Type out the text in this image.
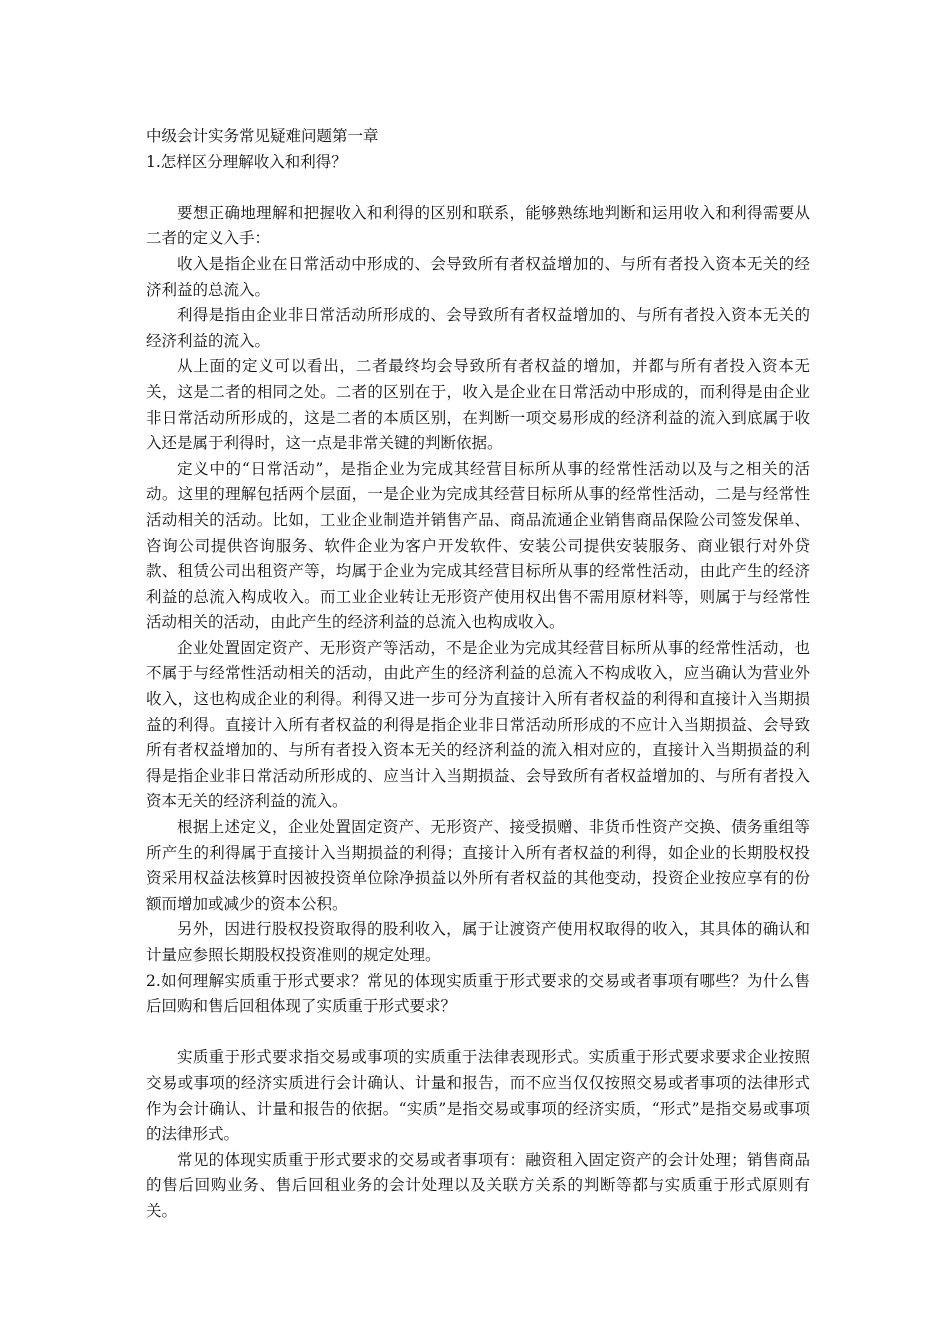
中级会计实务常见疑难问题第一章

1.怎样区分理解收入和利得？

要想正确地理解和把握收入和利得的区别和联系，能够熟练地判断和运用收入和利得需要从二者的定义入手：

收入是指企业在日常活动中形成的、会导致所有者权益增加的、与所有者投入资本无关的经济利益的总流入。

利得是指由企业非日常活动所形成的、会导致所有者权益增加的、与所有者投入资本无关的经济利益的流入。

从上面的定义可以看出，二者最终均会导致所有者权益的增加，并都与所有者投入资本无关，这是二者的相同之处。二者的区别在于，收入是企业在日常活动中形成的，而利得是由企业非日常活动所形成的，这是二者的本质区别，在判断一项交易形成的经济利益的流入到底属于收入还是属于利得时，这一点是非常关键的判断依据。

定义中的“日常活动”，是指企业为完成其经营目标所从事的经常性活动以及与之相关的活动。这里的理解包括两个层面，一是企业为完成其经营目标所从事的经常性活动，二是与经常性活动相关的活动。比如，工业企业制造并销售产品、商品流通企业销售商品保险公司签发保单、咨询公司提供咨询服务、软件企业为客户开发软件、安装公司提供安装服务、商业银行对外贷款、租赁公司出租资产等，均属于企业为完成其经营目标所从事的经常性活动，由此产生的经济利益的总流入构成收入。而工业企业转让无形资产使用权出售不需用原材料等，则属于与经常性活动相关的活动，由此产生的经济利益的总流入也构成收入。

企业处置固定资产、无形资产等活动，不是企业为完成其经营目标所从事的经常性活动，也不属于与经常性活动相关的活动，由此产生的经济利益的总流入不构成收入，应当确认为营业外收入，这也构成企业的利得。利得又进一步可分为直接计入所有者权益的利得和直接计入当期损益的利得。直接计入所有者权益的利得是指企业非日常活动所形成的不应计入当期损益、会导致所有者权益增加的、与所有者投入资本无关的经济利益的流入相对应的，直接计入当期损益的利得是指企业非日常活动所形成的、应当计入当期损益、会导致所有者权益增加的、与所有者投入资本无关的经济利益的流入。

根据上述定义，企业处置固定资产、无形资产、接受损赠、非货币性资产交换、债务重组等所产生的利得属于直接计入当期损益的利得；直接计入所有者权益的利得，如企业的长期股权投资采用权益法核算时因被投资单位除净损益以外所有者权益的其他变动，投资企业按应享有的份额而增加或减少的资本公积。

另外，因进行股权投资取得的股利收入，属于让渡资产使用权取得的收入，其具体的确认和计量应参照长期股权投资准则的规定处理。

2.如何理解实质重于形式要求？常见的体现实质重于形式要求的交易或者事项有哪些？为什么售后回购和售后回租体现了实质重于形式要求？

实质重于形式要求指交易或事项的实质重于法律表现形式。实质重于形式要求要求企业按照交易或事项的经济实质进行会计确认、计量和报告，而不应当仅仅按照交易或者事项的法律形式作为会计确认、计量和报告的依据。“实质”是指交易或事项的经济实质，“形式”是指交易或事项的法律形式。

常见的体现实质重于形式要求的交易或者事项有：融资租入固定资产的会计处理；销售商品的售后回购业务、售后回租业务的会计处理以及关联方关系的判断等都与实质重于形式原则有关。
